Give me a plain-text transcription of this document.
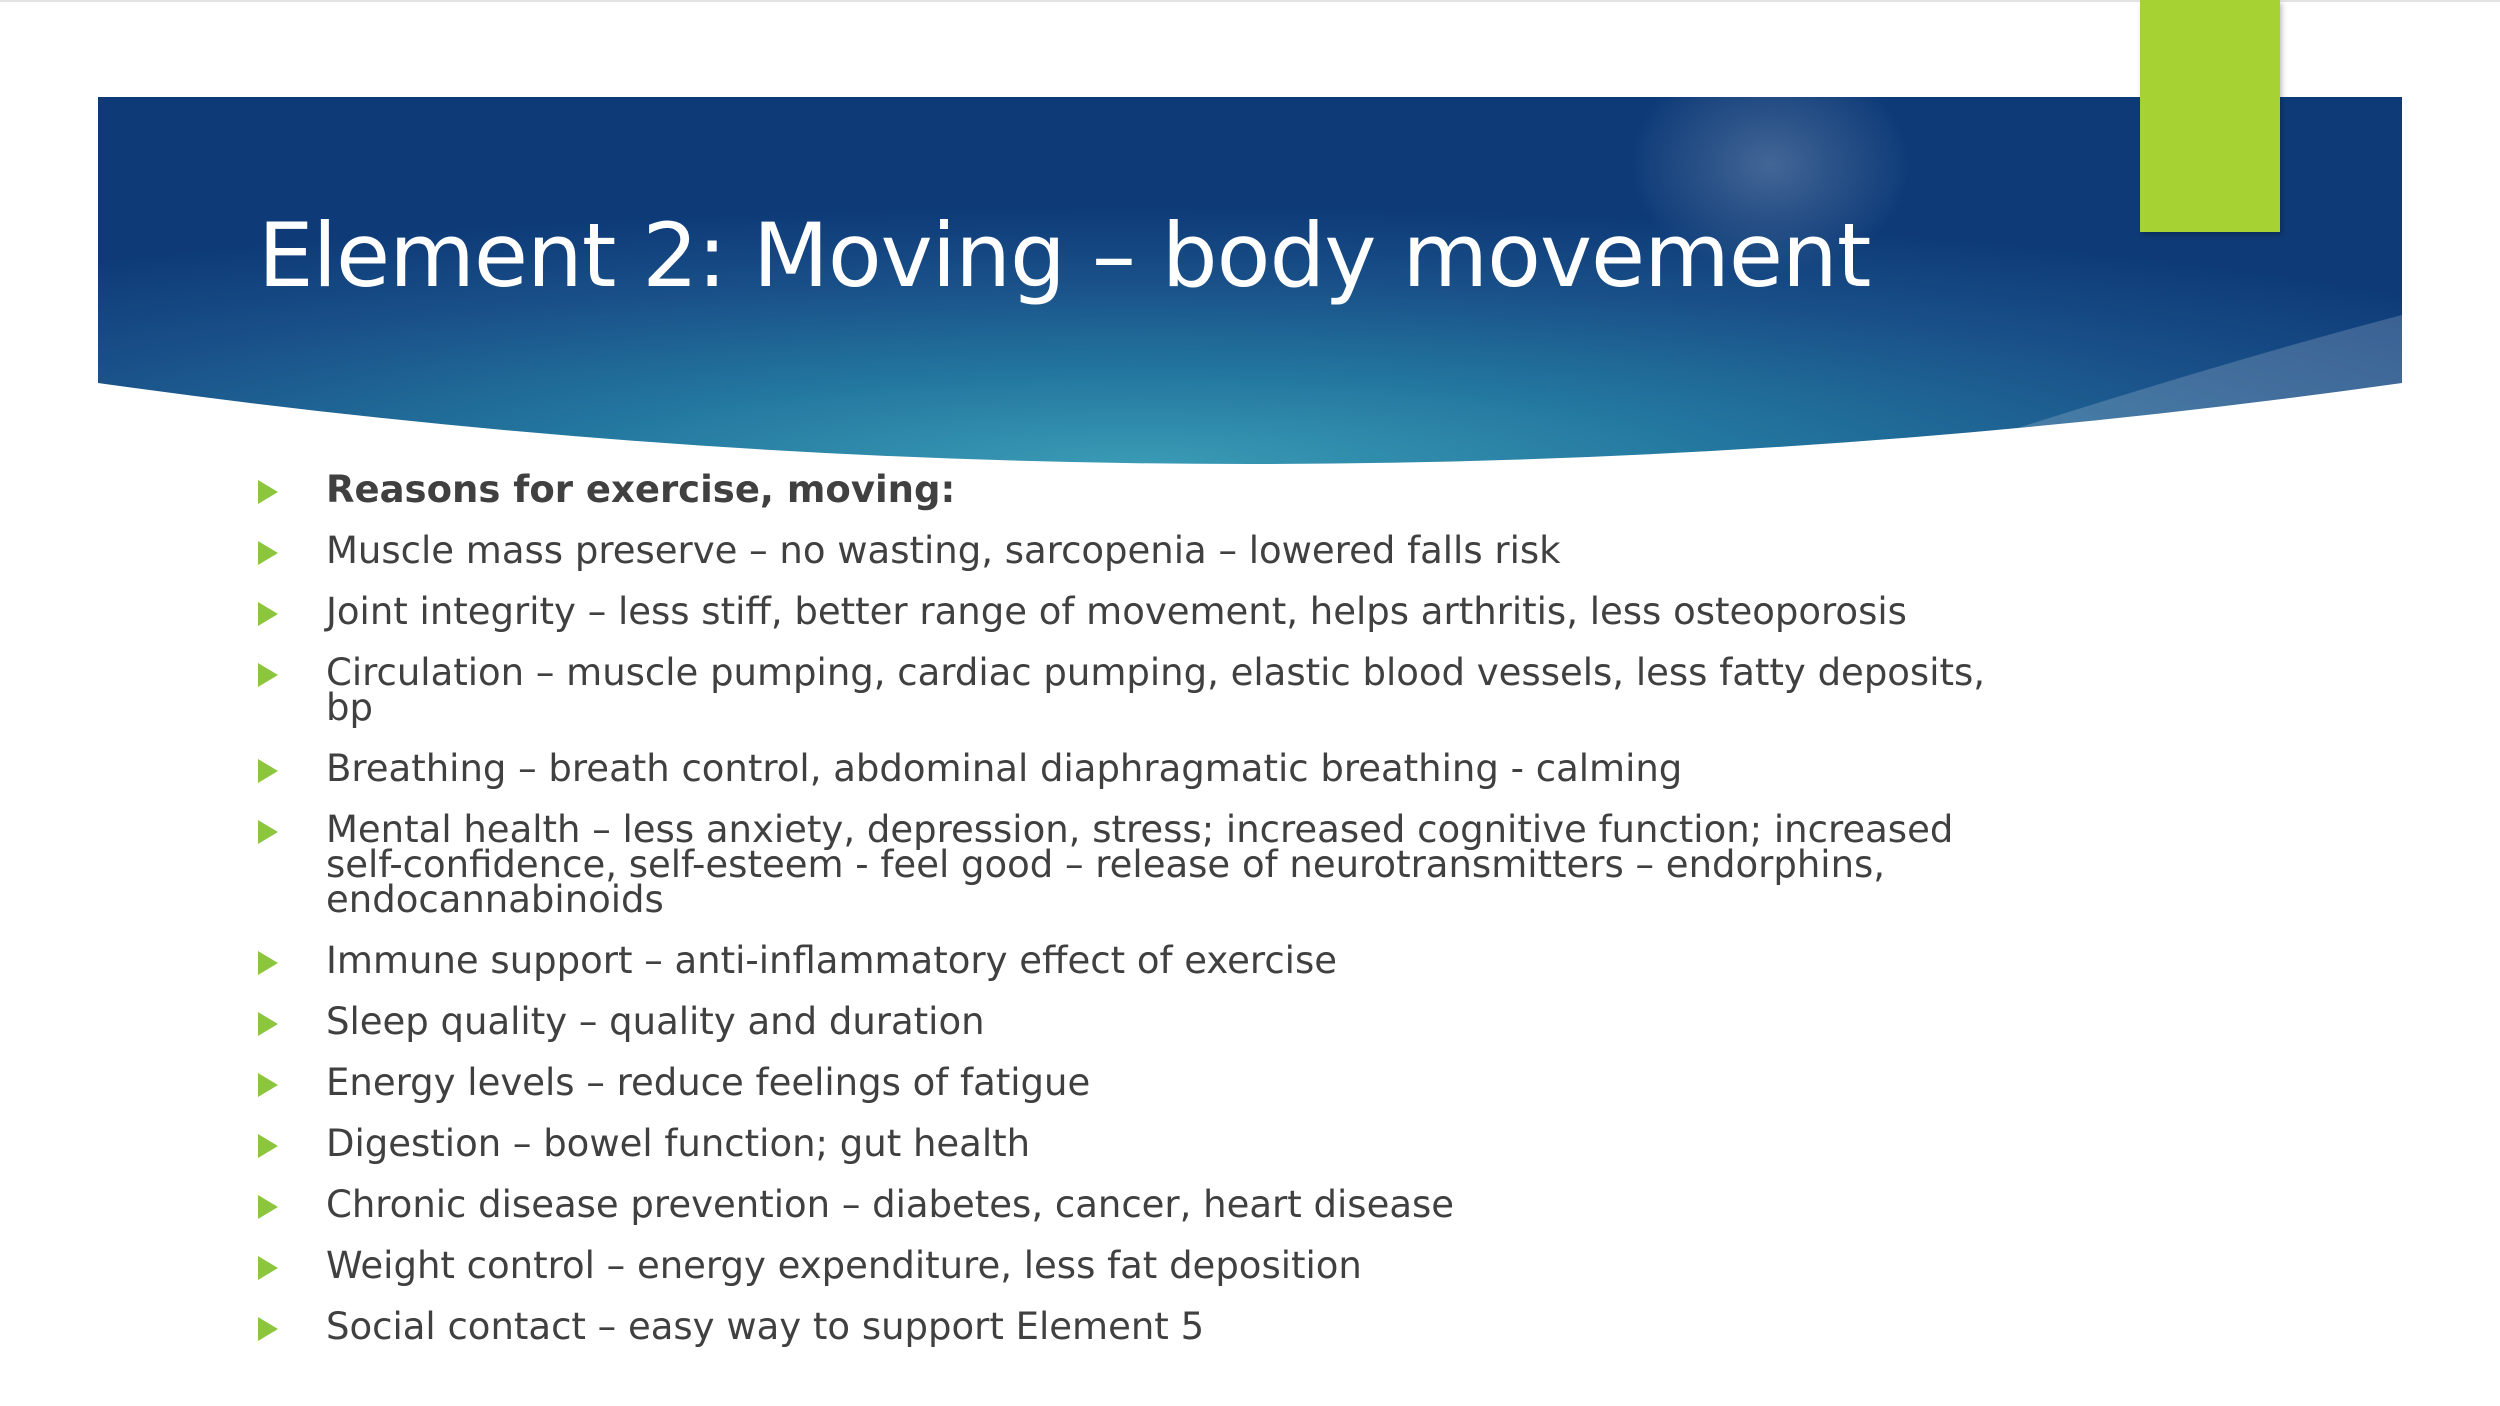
Element 2: Moving – body movement
Reasons for exercise, moving:
Muscle mass preserve – no wasting, sarcopenia – lowered falls risk
Joint integrity – less stiff, better range of movement, helps arthritis, less osteoporosis
Circulation – muscle pumping, cardiac pumping, elastic blood vessels, less fatty deposits, bp
Breathing – breath control, abdominal diaphragmatic breathing - calming
Mental health – less anxiety, depression, stress; increased cognitive function; increased self-confidence, self-esteem - feel good – release of neurotransmitters – endorphins, endocannabinoids
Immune support – anti-inflammatory effect of exercise
Sleep quality – quality and duration
Energy levels – reduce feelings of fatigue
Digestion – bowel function; gut health
Chronic disease prevention – diabetes, cancer, heart disease
Weight control – energy expenditure, less fat deposition
Social contact – easy way to support Element 5
